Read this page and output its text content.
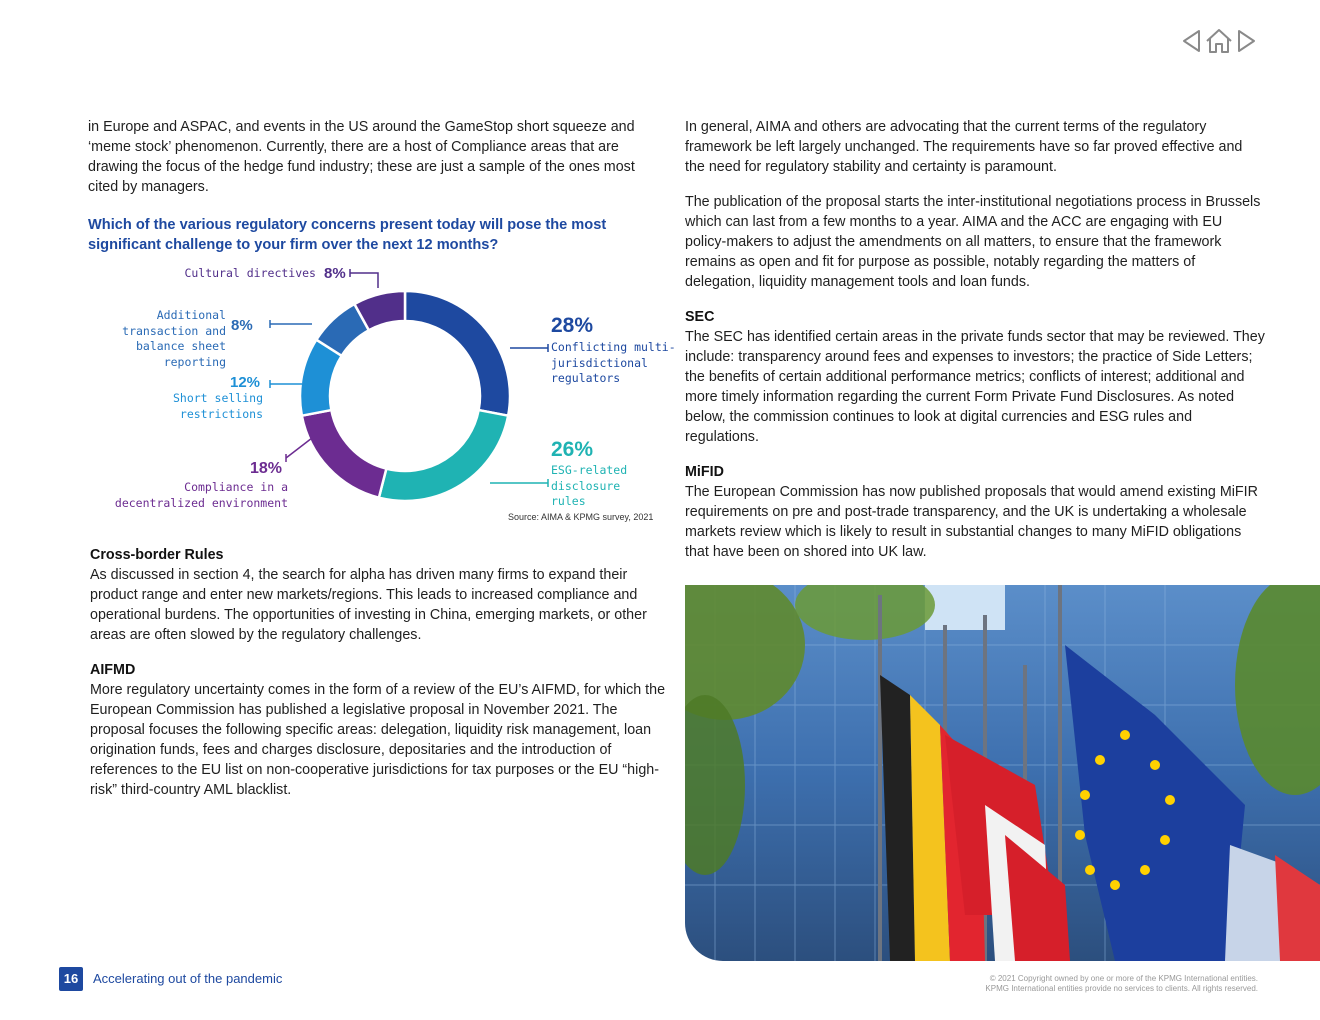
in Europe and ASPAC, and events in the US around the GameStop short squeeze and ‘meme stock’ phenomenon. Currently, there are a host of Compliance areas that are drawing the focus of the hedge fund industry; these are just a sample of the ones most cited by managers.

Which of the various regulatory concerns present today will pose the most significant challenge to your firm over the next 12 months?

28%
Conflicting multi-jurisdictional regulators
26%
ESG-related disclosure rules
18%
Compliance in a decentralized environment
12%
Short selling restrictions
8%
Additional transaction and balance sheet reporting
8%
Cultural directives
Source: AIMA & KPMG survey, 2021

Cross-border Rules

As discussed in section 4, the search for alpha has driven many firms to expand their product range and enter new markets/regions. This leads to increased compliance and operational burdens. The opportunities of investing in China, emerging markets, or other areas are often slowed by the regulatory challenges.

AIFMD

More regulatory uncertainty comes in the form of a review of the EU’s AIFMD, for which the European Commission has published a legislative proposal in November 2021. The proposal focuses the following specific areas: delegation, liquidity risk management, loan origination funds, fees and charges disclosure, depositaries and the introduction of references to the EU list on non-cooperative jurisdictions for tax purposes or the EU “high-risk” third-country AML blacklist.

In general, AIMA and others are advocating that the current terms of the regulatory framework be left largely unchanged. The requirements have so far proved effective and the need for regulatory stability and certainty is paramount.

The publication of the proposal starts the inter-institutional negotiations process in Brussels which can last from a few months to a year. AIMA and the ACC are engaging with EU policy-makers to adjust the amendments on all matters, to ensure that the framework remains as open and fit for purpose as possible, notably regarding the matters of delegation, liquidity management tools and loan funds.

SEC

The SEC has identified certain areas in the private funds sector that may be reviewed. They include: transparency around fees and expenses to investors; the practice of Side Letters; the benefits of certain additional performance metrics; conflicts of interest; additional and more timely information regarding the current Form Private Fund Disclosures. As noted below, the commission continues to look at digital currencies and ESG rules and regulations.

MiFID

The European Commission has now published proposals that would amend existing MiFIR requirements on pre and post-trade transparency, and the UK is undertaking a wholesale markets review which is likely to result in substantial changes to many MiFID obligations that have been on shored into UK law.

16	Accelerating out of the pandemic	© 2021 Copyright owned by one or more of the KPMG International entities.
KPMG International entities provide no services to clients. All rights reserved.
